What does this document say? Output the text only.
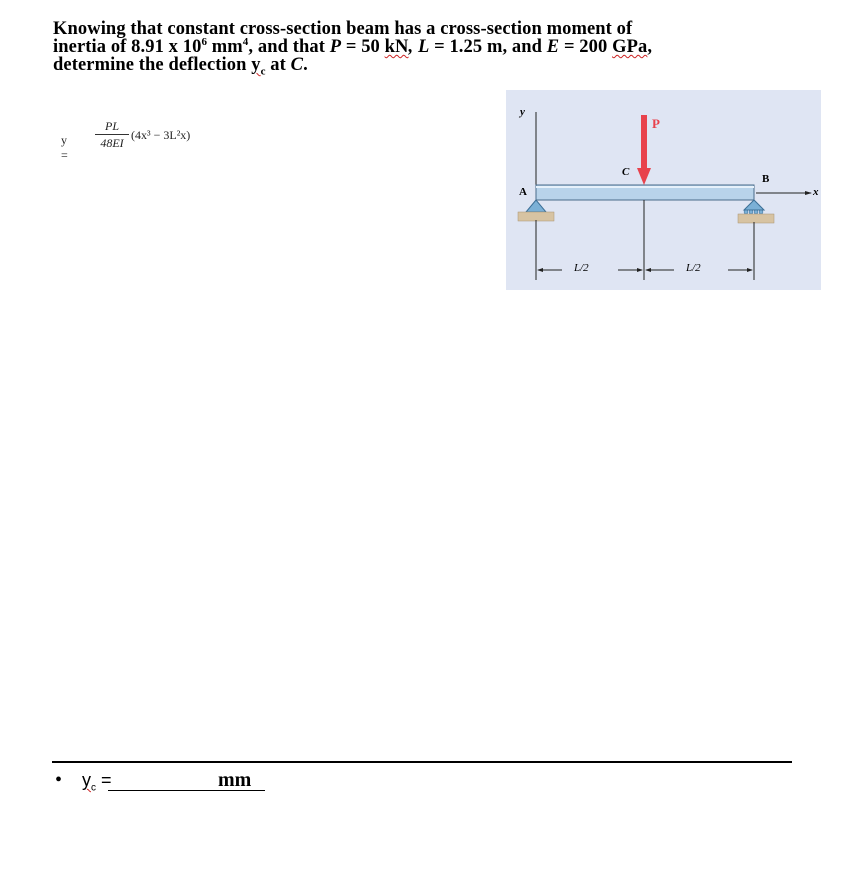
Knowing that constant cross-section beam has a cross-section moment of
inertia of 8.91 x $10^6$ $mm^4$, and that P = 50 kN, L = 1.25 m, and E = 200 GPa,
determine the deflection $y_c$ at C.
y =
PL
48EI
(4x³ − 3L²x)
y
P
C
A
B
x
L/2	L/2
• $y_c$ =	mm
